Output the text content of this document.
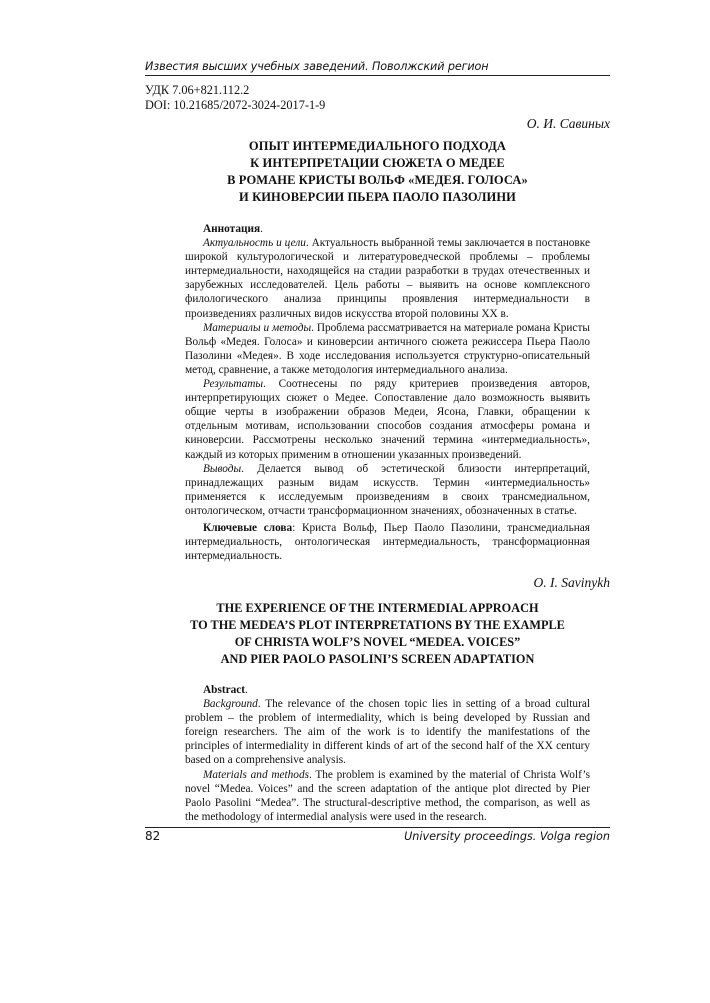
Известия высших учебных заведений. Поволжский регион
УДК 7.06+821.112.2
DOI: 10.21685/2072-3024-2017-1-9
О. И. Савиных
ОПЫТ ИНТЕРМЕДИАЛЬНОГО ПОДХОДА
К ИНТЕРПРЕТАЦИИ СЮЖЕТА О МЕДЕЕ
В РОМАНЕ КРИСТЫ ВОЛЬФ «МЕДЕЯ. ГОЛОСА»
И КИНОВЕРСИИ ПЬЕРА ПАОЛО ПАЗОЛИНИ

Аннотация.

Актуальность и цели. Актуальность выбранной темы заключается в постановке широкой культурологической и литературоведческой проблемы – проблемы интермедиальности, находящейся на стадии разработки в трудах отечественных и зарубежных исследователей. Цель работы – выявить на основе комплексного филологического анализа принципы проявления интермедиальности в произведениях различных видов искусства второй половины XX в.

Материалы и методы. Проблема рассматривается на материале романа Кристы Вольф «Медея. Голоса» и киноверсии античного сюжета режиссера Пьера Паоло Пазолини «Медея». В ходе исследования используется структурно-описательный метод, сравнение, а также методология интермедиального анализа.

Результаты. Соотнесены по ряду критериев произведения авторов, интерпретирующих сюжет о Медее. Сопоставление дало возможность выявить общие черты в изображении образов Медеи, Ясона, Главки, обращении к отдельным мотивам, использовании способов создания атмосферы романа и киноверсии. Рассмотрены несколько значений термина «интермедиальность», каждый из которых применим в отношении указанных произведений.

Выводы. Делается вывод об эстетической близости интерпретаций, принадлежащих разным видам искусств. Термин «интермедиальность» применяется к исследуемым произведениям в своих трансмедиальном, онтологическом, отчасти трансформационном значениях, обозначенных в статье.

Ключевые слова: Криста Вольф, Пьер Паоло Пазолини, трансмедиальная интермедиальность, онтологическая интермедиальность, трансформационная интермедиальность.

O. I. Savinykh
THE EXPERIENCE OF THE INTERMEDIAL APPROACH
TO THE MEDEA’S PLOT INTERPRETATIONS BY THE EXAMPLE
OF CHRISTA WOLF’S NOVEL “MEDEA. VOICES”
AND PIER PAOLO PASOLINI’S SCREEN ADAPTATION

Abstract.

Background. The relevance of the chosen topic lies in setting of a broad cultural problem – the problem of intermediality, which is being developed by Russian and foreign researchers. The aim of the work is to identify the manifestations of the principles of intermediality in different kinds of art of the second half of the XX century based on a comprehensive analysis.

Materials and methods. The problem is examined by the material of Christa Wolf’s novel “Medea. Voices” and the screen adaptation of the antique plot directed by Pier Paolo Pasolini “Medea”. The structural-descriptive method, the comparison, as well as the methodology of intermedial analysis were used in the research.

82	University proceedings. Volga region
